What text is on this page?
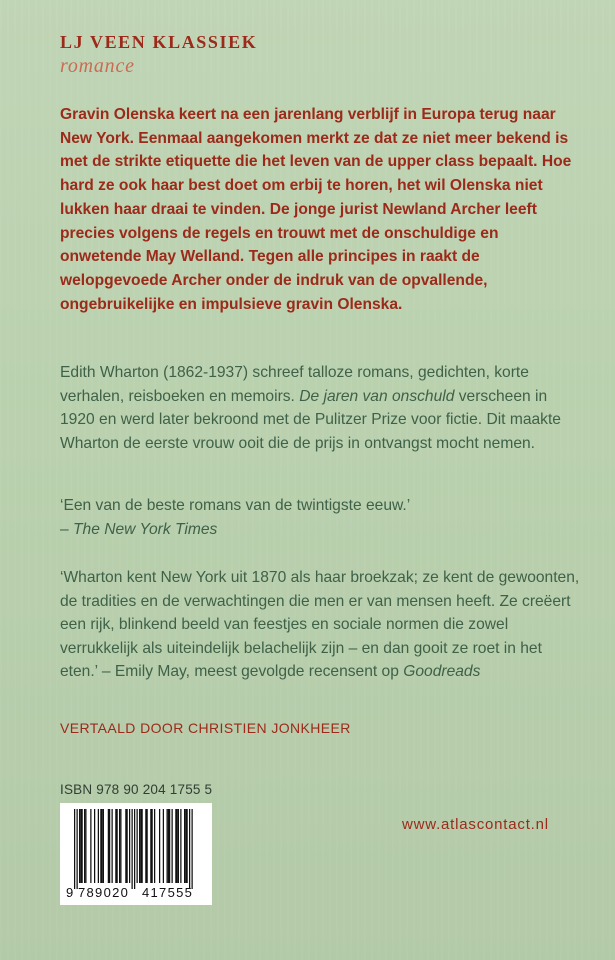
LJ VEEN KLASSIEK
romance

Gravin Olenska keert na een jarenlang verblijf in Europa terug naar New York. Eenmaal aangekomen merkt ze dat ze niet meer bekend is met de strikte etiquette die het leven van de upper class bepaalt. Hoe hard ze ook haar best doet om erbij te horen, het wil Olenska niet lukken haar draai te vinden. De jonge jurist Newland Archer leeft precies volgens de regels en trouwt met de onschuldige en onwetende May Welland. Tegen alle principes in raakt de welopgevoede Archer onder de indruk van de opvallende, ongebruikelijke en impulsieve gravin Olenska.

Edith Wharton (1862-1937) schreef talloze romans, gedichten, korte verhalen, reisboeken en memoirs. De jaren van onschuld verscheen in 1920 en werd later bekroond met de Pulitzer Prize voor fictie. Dit maakte Wharton de eerste vrouw ooit die de prijs in ontvangst mocht nemen.

‘Een van de beste romans van de twintigste eeuw.’
– The New York Times

‘Wharton kent New York uit 1870 als haar broekzak; ze kent de gewoonten, de tradities en de verwachtingen die men er van mensen heeft. Ze creëert een rijk, blinkend beeld van feestjes en sociale normen die zowel verrukkelijk als uiteindelijk belachelijk zijn – en dan gooit ze roet in het eten.’ – Emily May, meest gevolgde recensent op Goodreads

VERTAALD DOOR CHRISTIEN JONKHEER
ISBN 978 90 204 1755 5
9 789020 417555
www.atlascontact.nl
